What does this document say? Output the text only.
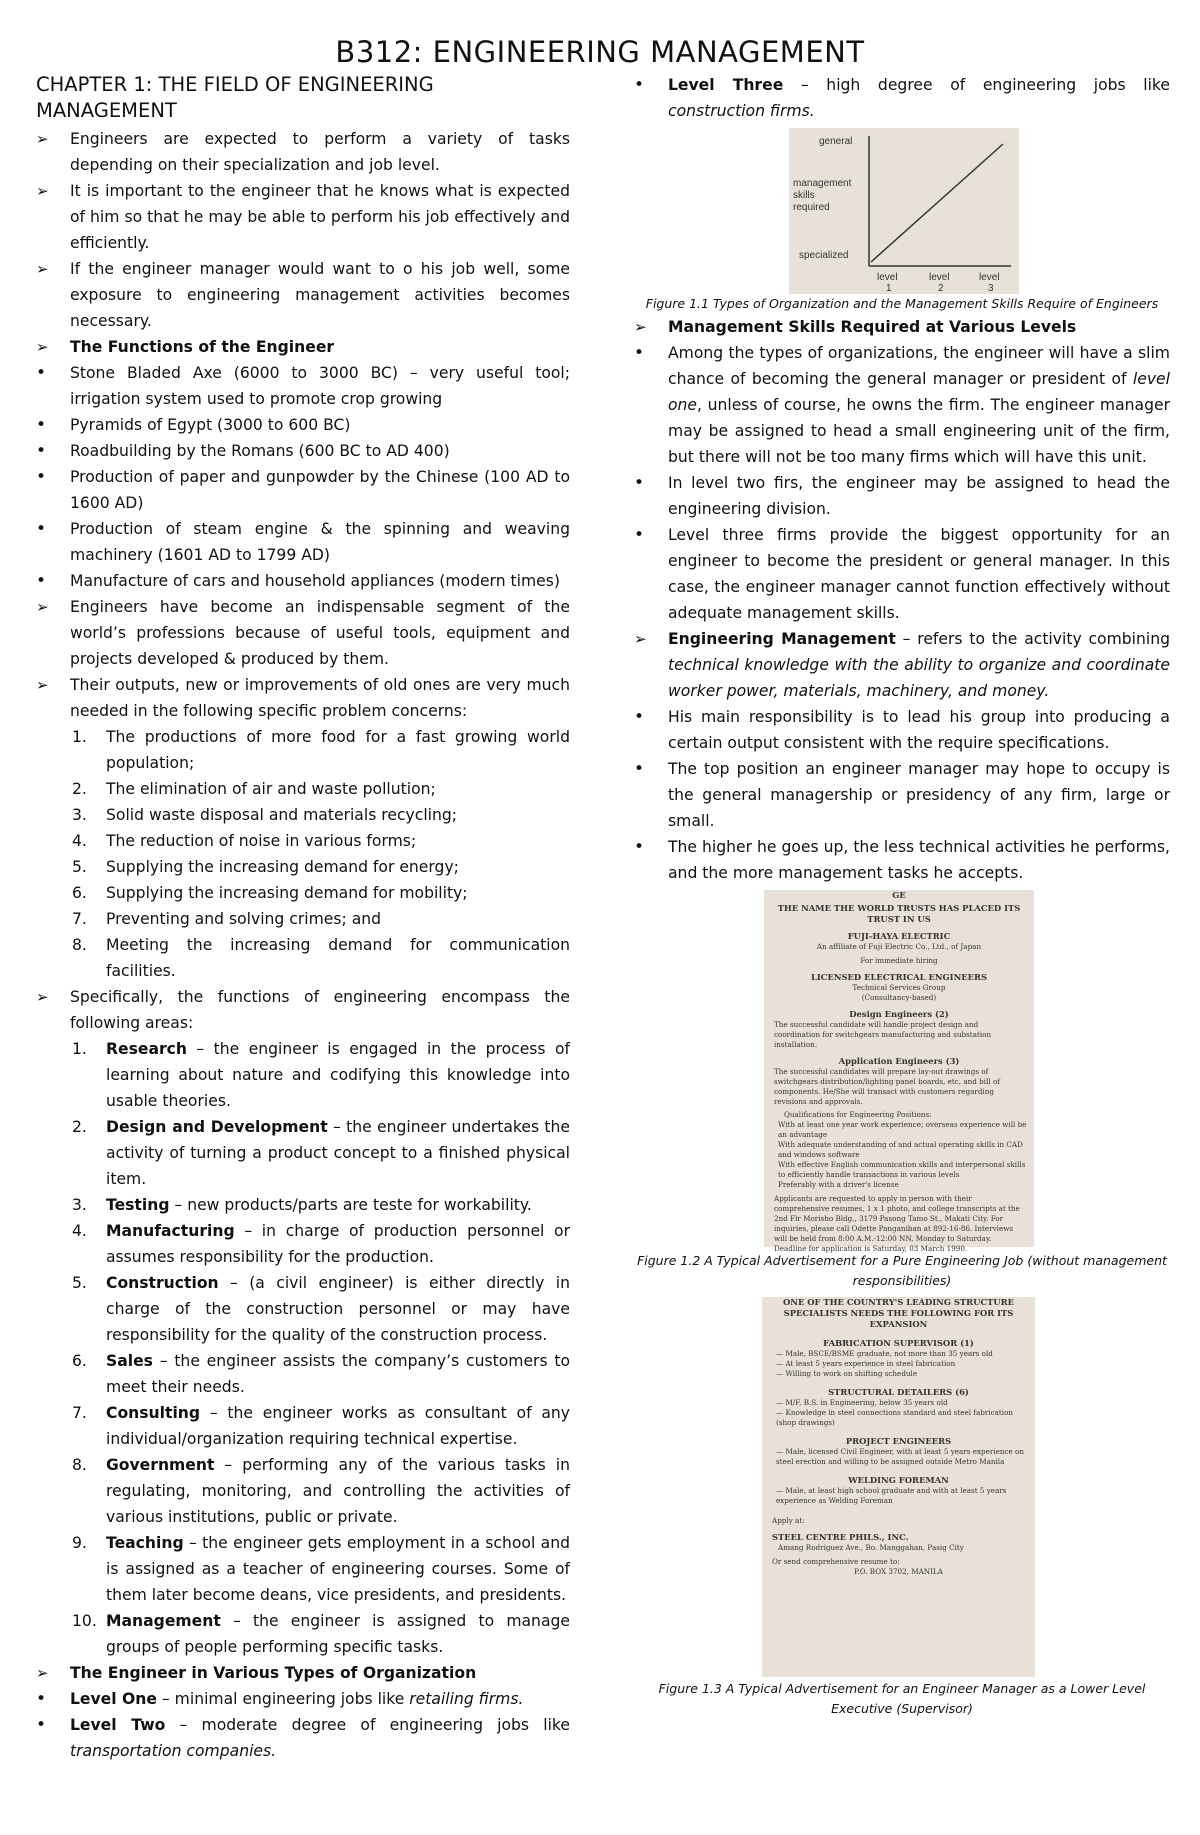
B312: ENGINEERING MANAGEMENT
CHAPTER 1: THE FIELD OF ENGINEERING MANAGEMENT
➢	Engineers are expected to perform a variety of tasks depending on their specialization and job level.
➢	It is important to the engineer that he knows what is expected of him so that he may be able to perform his job effectively and efficiently.
➢	If the engineer manager would want to o his job well, some exposure to engineering management activities becomes necessary.
➢	The Functions of the Engineer
•	Stone Bladed Axe (6000 to 3000 BC) – very useful tool; irrigation system used to promote crop growing
•	Pyramids of Egypt (3000 to 600 BC)
•	Roadbuilding by the Romans (600 BC to AD 400)
•	Production of paper and gunpowder by the Chinese (100 AD to 1600 AD)
•	Production of steam engine & the spinning and weaving machinery (1601 AD to 1799 AD)
•	Manufacture of cars and household appliances (modern times)
➢	Engineers have become an indispensable segment of the world’s professions because of useful tools, equipment and projects developed & produced by them.
➢	Their outputs, new or improvements of old ones are very much needed in the following specific problem concerns:
1.	The productions of more food for a fast growing world population;
2.	The elimination of air and waste pollution;
3.	Solid waste disposal and materials recycling;
4.	The reduction of noise in various forms;
5.	Supplying the increasing demand for energy;
6.	Supplying the increasing demand for mobility;
7.	Preventing and solving crimes; and
8.	Meeting the increasing demand for communication facilities.
➢	Specifically, the functions of engineering encompass the following areas:
1.	Research – the engineer is engaged in the process of learning about nature and codifying this knowledge into usable theories.
2.	Design and Development – the engineer undertakes the activity of turning a product concept to a finished physical item.
3.	Testing – new products/parts are teste for workability.
4.	Manufacturing – in charge of production personnel or assumes responsibility for the production.
5.	Construction – (a civil engineer) is either directly in charge of the construction personnel or may have responsibility for the quality of the construction process.
6.	Sales – the engineer assists the company’s customers to meet their needs.
7.	Consulting – the engineer works as consultant of any individual/organization requiring technical expertise.
8.	Government – performing any of the various tasks in regulating, monitoring, and controlling the activities of various institutions, public or private.
9.	Teaching – the engineer gets employment in a school and is assigned as a teacher of engineering courses. Some of them later become deans, vice presidents, and presidents.
10. Management – the engineer is assigned to manage groups of people performing specific tasks.
➢	The Engineer in Various Types of Organization
•	Level One – minimal engineering jobs like retailing firms.
•	Level Two – moderate degree of engineering jobs like transportation companies.
•	Level Three – high degree of engineering jobs like construction firms.
general
management
skills
required
specialized
level
1
level
2
level
3
Figure 1.1 Types of Organization and the Management Skills Require of Engineers
➢	Management Skills Required at Various Levels
•	Among the types of organizations, the engineer will have a slim chance of becoming the general manager or president of level one, unless of course, he owns the firm. The engineer manager may be assigned to head a small engineering unit of the firm, but there will not be too many firms which will have this unit.
•	In level two firs, the engineer may be assigned to head the engineering division.
•	Level three firms provide the biggest opportunity for an engineer to become the president or general manager. In this case, the engineer manager cannot function effectively without adequate management skills.
➢	Engineering Management – refers to the activity combining technical knowledge with the ability to organize and coordinate worker power, materials, machinery, and money.
•	His main responsibility is to lead his group into producing a certain output consistent with the require specifications.
•	The top position an engineer manager may hope to occupy is the general managership or presidency of any firm, large or small.
•	The higher he goes up, the less technical activities he performs, and the more management tasks he accepts.
GE
THE NAME THE WORLD TRUSTS HAS PLACED ITS TRUST IN US
FUJI-HAYA ELECTRIC
An affiliate of Fuji Electric Co., Ltd., of Japan
For immediate hiring
LICENSED ELECTRICAL ENGINEERS
Technical Services Group
(Consultancy-based)
Design Engineers (2)
The successful candidate will handle project design and coordination for switchgears manufacturing and substation installation.
Application Engineers (3)
The successful candidates will prepare lay-out drawings of switchgears distribution/lighting panel boards, etc, and bill of components. He/She will transact with customers regarding revisions and approvals.
Qualifications for Engineering Positions:
With at least one year work experience; overseas experience will be an advantage
With adequate understanding of and actual operating skills in CAD and windows software
With effective English communication skills and interpersonal skills to efficiently handle transactions in various levels
Preferably with a driver's license
Applicants are requested to apply in person with their comprehensive resumes, 1 x 1 photo, and college transcripts at the 2nd Flr Morisho Bldg., 3179 Pasong Tamo St., Makati City. For inquiries, please call Odette Panganiban at 892-16-86. Interviews will be held from 8:00 A.M.-12:00 NN, Monday to Saturday. Deadline for application is Saturday, 03 March 1990.
Figure 1.2 A Typical Advertisement for a Pure Engineering Job (without management responsibilities)
ONE OF THE COUNTRY'S LEADING STRUCTURE SPECIALISTS NEEDS THE FOLLOWING FOR ITS EXPANSION
FABRICATION SUPERVISOR (1)
— Male, BSCE/BSME graduate, not more than 35 years old
— At least 5 years experience in steel fabrication
— Willing to work on shifting schedule
STRUCTURAL DETAILERS (6)
— M/F, B.S. in Engineering, below 35 years old
— Knowledge in steel connections standard and steel fabrication (shop drawings)
PROJECT ENGINEERS
— Male, licensed Civil Engineer, with at least 5 years experience on steel erection and willing to be assigned outside Metro Manila
WELDING FOREMAN
— Male, at least high school graduate and with at least 5 years experience as Welding Foreman
Apply at:
STEEL CENTRE PHILS., INC.
Amang Rodriguez Ave., Bo. Manggahan, Pasig City
Or send comprehensive resume to:
P.O. BOX 3702, MANILA
Figure 1.3 A Typical Advertisement for an Engineer Manager as a Lower Level Executive (Supervisor)
